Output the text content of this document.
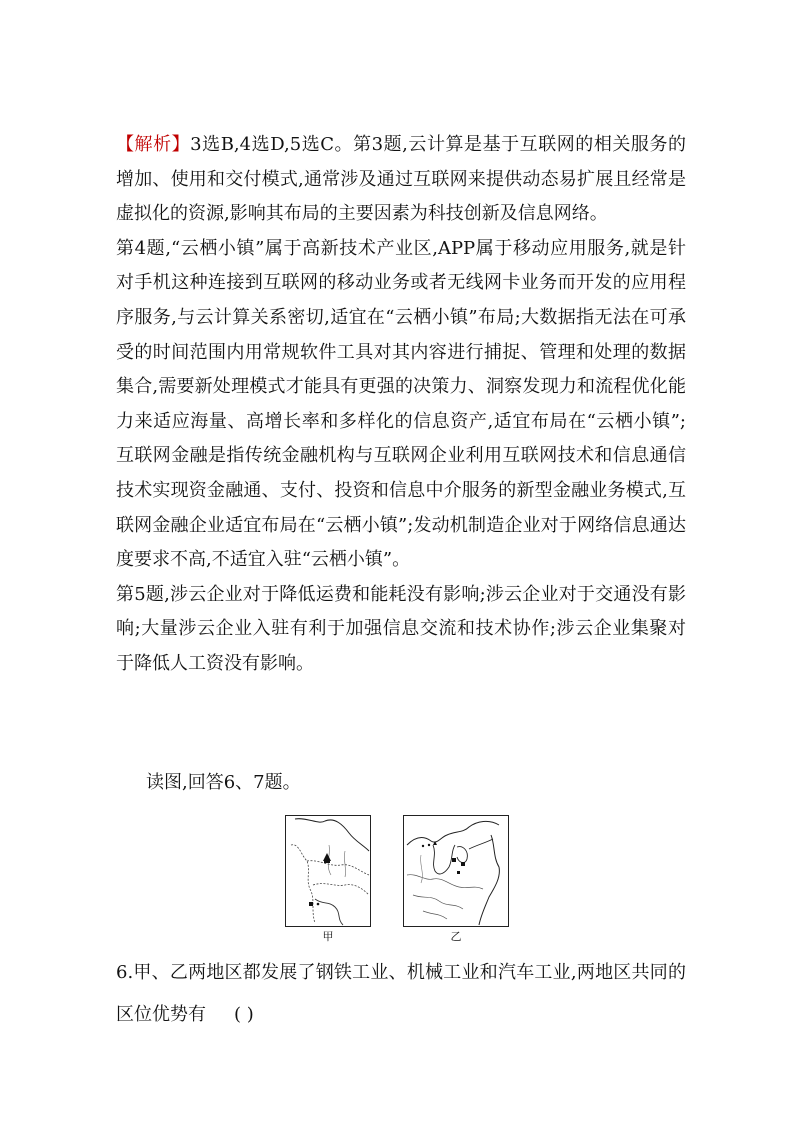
【解析】3选B,4选D,5选C。第3题,云计算是基于互联网的相关服务的增加、使用和交付模式,通常涉及通过互联网来提供动态易扩展且经常是虚拟化的资源,影响其布局的主要因素为科技创新及信息网络。

第4题,“云栖小镇”属于高新技术产业区,APP属于移动应用服务,就是针对手机这种连接到互联网的移动业务或者无线网卡业务而开发的应用程序服务,与云计算关系密切,适宜在“云栖小镇”布局;大数据指无法在可承受的时间范围内用常规软件工具对其内容进行捕捉、管理和处理的数据集合,需要新处理模式才能具有更强的决策力、洞察发现力和流程优化能力来适应海量、高增长率和多样化的信息资产,适宜布局在“云栖小镇”;互联网金融是指传统金融机构与互联网企业利用互联网技术和信息通信技术实现资金融通、支付、投资和信息中介服务的新型金融业务模式,互联网金融企业适宜布局在“云栖小镇”;发动机制造企业对于网络信息通达度要求不高,不适宜入驻“云栖小镇”。

第5题,涉云企业对于降低运费和能耗没有影响;涉云企业对于交通没有影响;大量涉云企业入驻有利于加强信息交流和技术协作;涉云企业集聚对于降低人工资没有影响。

读图,回答6、7题。
甲	乙
6.甲、乙两地区都发展了钢铁工业、机械工业和汽车工业,两地区共同的区位优势有 ( )
